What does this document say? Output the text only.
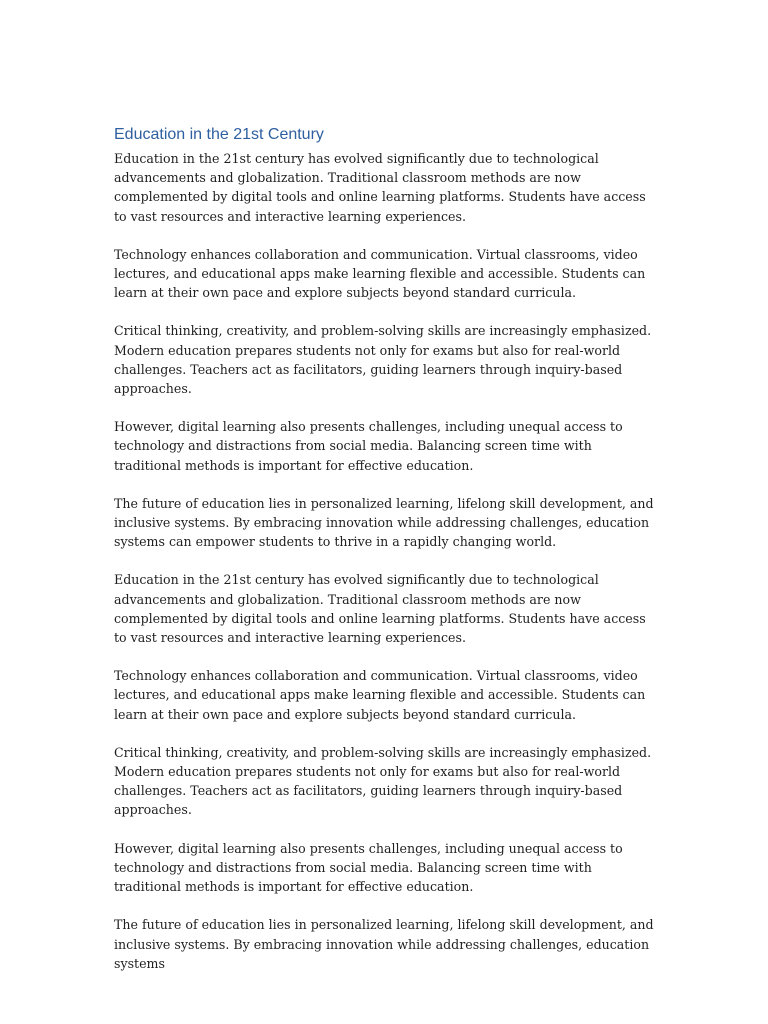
Education in the 21st Century

Education in the 21st century has evolved significantly due to technological advancements and globalization. Traditional classroom methods are now complemented by digital tools and online learning platforms. Students have access to vast resources and interactive learning experiences.

Technology enhances collaboration and communication. Virtual classrooms, video lectures, and educational apps make learning flexible and accessible. Students can learn at their own pace and explore subjects beyond standard curricula.

Critical thinking, creativity, and problem-solving skills are increasingly emphasized. Modern education prepares students not only for exams but also for real-world challenges. Teachers act as facilitators, guiding learners through inquiry-based approaches.

However, digital learning also presents challenges, including unequal access to technology and distractions from social media. Balancing screen time with traditional methods is important for effective education.

The future of education lies in personalized learning, lifelong skill development, and inclusive systems. By embracing innovation while addressing challenges, education systems can empower students to thrive in a rapidly changing world.

Education in the 21st century has evolved significantly due to technological advancements and globalization. Traditional classroom methods are now complemented by digital tools and online learning platforms. Students have access to vast resources and interactive learning experiences.

Technology enhances collaboration and communication. Virtual classrooms, video lectures, and educational apps make learning flexible and accessible. Students can learn at their own pace and explore subjects beyond standard curricula.

Critical thinking, creativity, and problem-solving skills are increasingly emphasized. Modern education prepares students not only for exams but also for real-world challenges. Teachers act as facilitators, guiding learners through inquiry-based approaches.

However, digital learning also presents challenges, including unequal access to technology and distractions from social media. Balancing screen time with traditional methods is important for effective education.

The future of education lies in personalized learning, lifelong skill development, and inclusive systems. By embracing innovation while addressing challenges, education systems
